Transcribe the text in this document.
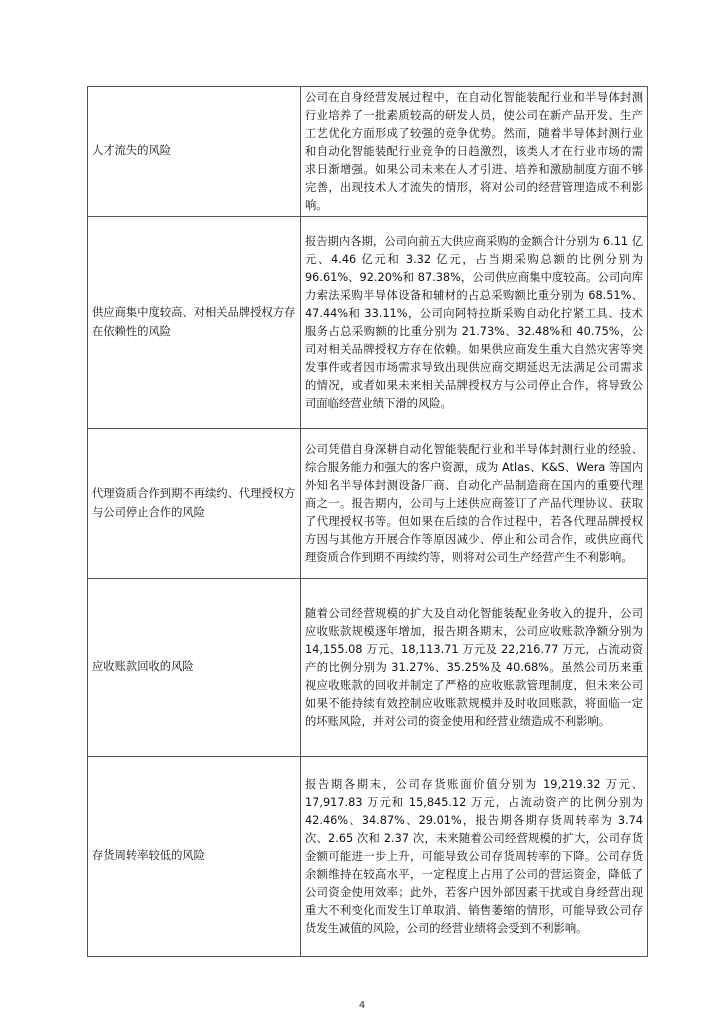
人才流失的风险	公司在自身经营发展过程中，在自动化智能装配行业和半导体封测行业培养了一批素质较高的研发人员，使公司在新产品开发、生产工艺优化方面形成了较强的竞争优势。然而，随着半导体封测行业和自动化智能装配行业竞争的日趋激烈，该类人才在行业市场的需求日渐增强。如果公司未来在人才引进、培养和激励制度方面不够完善，出现技术人才流失的情形，将对公司的经营管理造成不利影响。
供应商集中度较高、对相关品牌授权方存在依赖性的风险	报告期内各期，公司向前五大供应商采购的金额合计分别为 6.11 亿元、4.46 亿元和 3.32 亿元，占当期采购总额的比例分别为 96.61%、92.20%和 87.38%，公司供应商集中度较高。公司向库力索法采购半导体设备和辅材的占总采购额比重分别为 68.51%、47.44%和 33.11%，公司向阿特拉斯采购自动化拧紧工具、技术服务占总采购额的比重分别为 21.73%、32.48%和 40.75%，公司对相关品牌授权方存在依赖。如果供应商发生重大自然灾害等突发事件或者因市场需求导致出现供应商交期延迟无法满足公司需求的情况，或者如果未来相关品牌授权方与公司停止合作，将导致公司面临经营业绩下滑的风险。
代理资质合作到期不再续约、代理授权方与公司停止合作的风险	公司凭借自身深耕自动化智能装配行业和半导体封测行业的经验、综合服务能力和强大的客户资源，成为 Atlas、K&S、Wera 等国内外知名半导体封测设备厂商、自动化产品制造商在国内的重要代理商之一。报告期内，公司与上述供应商签订了产品代理协议、获取了代理授权书等。但如果在后续的合作过程中，若各代理品牌授权方因与其他方开展合作等原因减少、停止和公司合作，或供应商代理资质合作到期不再续约等，则将对公司生产经营产生不利影响。
应收账款回收的风险	随着公司经营规模的扩大及自动化智能装配业务收入的提升，公司应收账款规模逐年增加，报告期各期末，公司应收账款净额分别为 14,155.08 万元、18,113.71 万元及 22,216.77 万元，占流动资产的比例分别为 31.27%、35.25%及 40.68%。虽然公司历来重视应收账款的回收并制定了严格的应收账款管理制度，但未来公司如果不能持续有效控制应收账款规模并及时收回账款，将面临一定的坏账风险，并对公司的资金使用和经营业绩造成不利影响。
存货周转率较低的风险	报告期各期末，公司存货账面价值分别为 19,219.32 万元、17,917.83 万元和 15,845.12 万元，占流动资产的比例分别为 42.46%、34.87%、29.01%，报告期各期存货周转率为 3.74 次、2.65 次和 2.37 次，未来随着公司经营规模的扩大，公司存货金额可能进一步上升，可能导致公司存货周转率的下降。公司存货余额维持在较高水平，一定程度上占用了公司的营运资金，降低了公司资金使用效率；此外，若客户因外部因素干扰或自身经营出现重大不利变化而发生订单取消、销售萎缩的情形，可能导致公司存货发生减值的风险，公司的经营业绩将会受到不利影响。
4
